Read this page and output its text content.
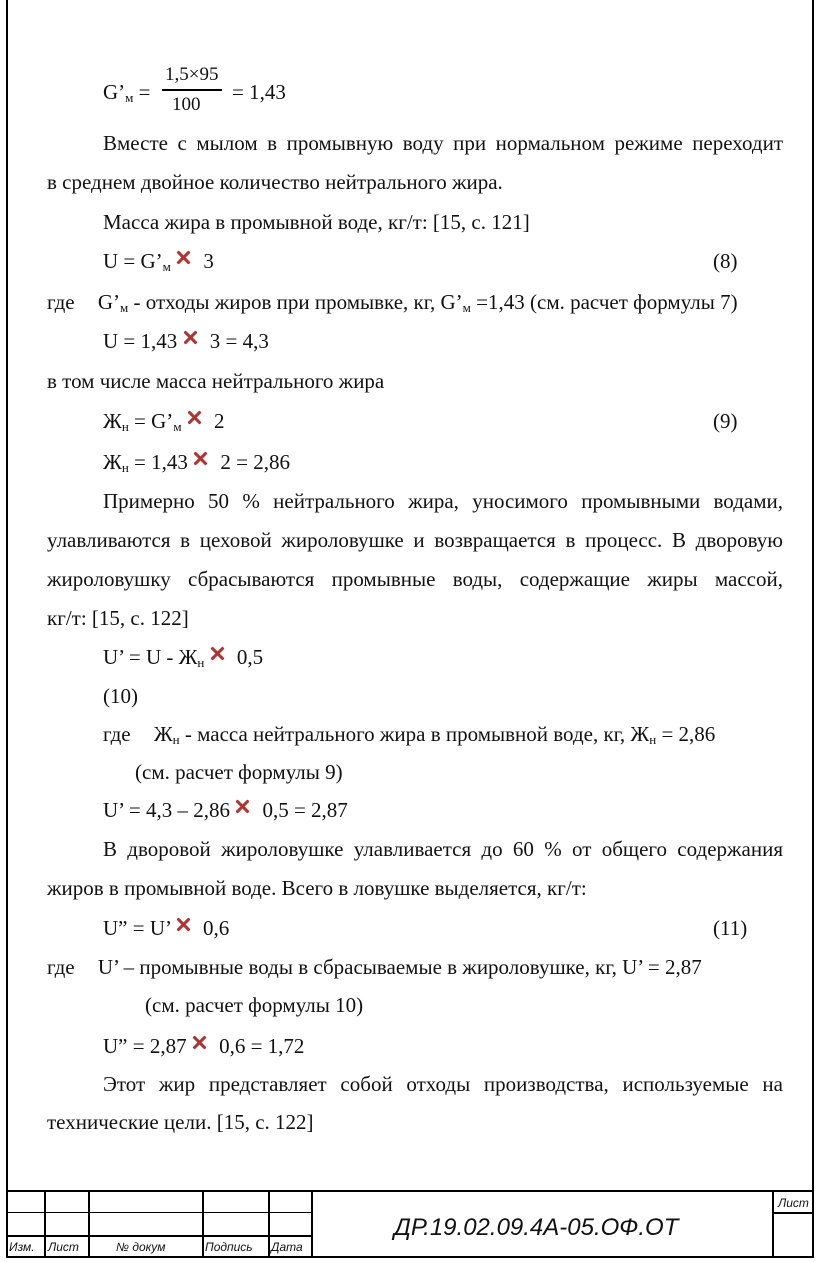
G’м =
1,5×95
100
= 1,43
Вместе с мылом в промывную воду при нормальном режиме переходит
в среднем двойное количество нейтрального жира.
Масса жира в промывной воде, кг/т: [15, с. 121]
U = G’м 3	(8)
где G’м - отходы жиров при промывке, кг, G’м =1,43 (см. расчет формулы 7)
U = 1,43 3 = 4,3
в том числе масса нейтрального жира
Жн = G’м 2	(9)
Жн = 1,43 2 = 2,86
Примерно 50 % нейтрального жира, уносимого промывными водами,
улавливаются в цеховой жироловушке и возвращается в процесс. В дворовую
жироловушку сбрасываются промывные воды, содержащие жиры массой,
кг/т: [15, с. 122]
U’ = U - Жн 0,5
(10)
где Жн - масса нейтрального жира в промывной воде, кг, Жн = 2,86
(см. расчет формулы 9)
U’ = 4,3 – 2,86 0,5 = 2,87
В дворовой жироловушке улавливается до 60 % от общего содержания
жиров в промывной воде. Всего в ловушке выделяется, кг/т:
U” = U’ 0,6	(11)
где U’ – промывные воды в сбрасываемые в жироловушке, кг, U’ = 2,87
(см. расчет формулы 10)
U” = 2,87 0,6 = 1,72
Этот жир представляет собой отходы производства, используемые на
технические цели. [15, с. 122]
Изм. Лист	№ докум	Подпись Дата
ДР.19.02.09.4А-05.ОФ.ОТ
Лист
